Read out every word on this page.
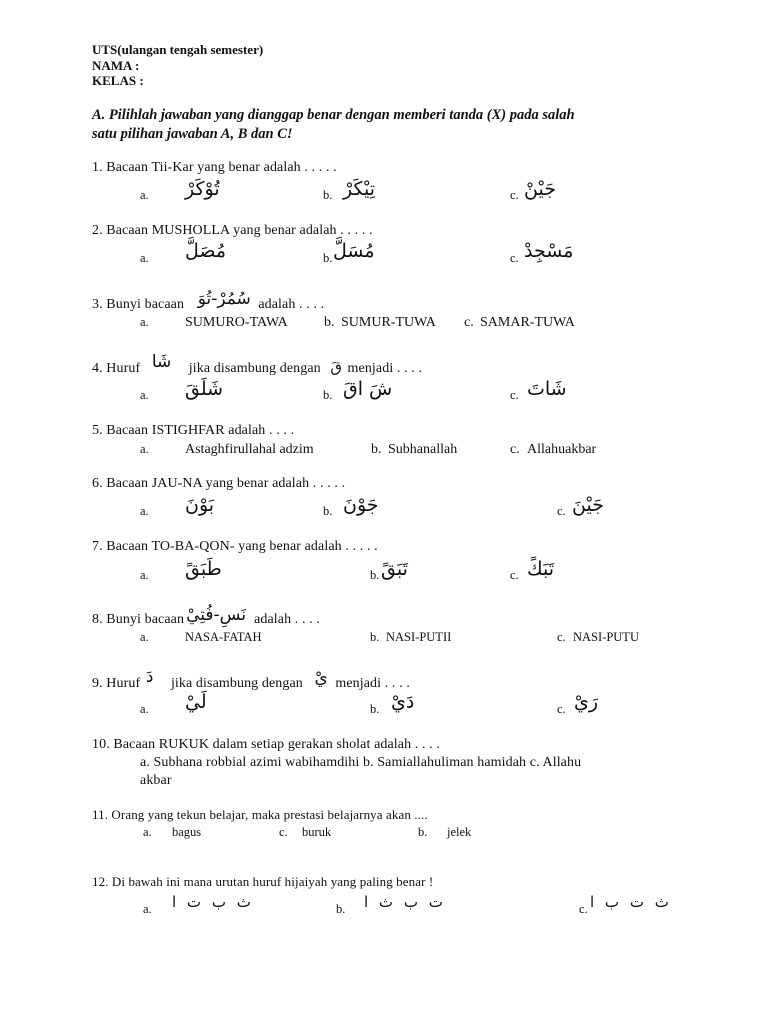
UTS(ulangan tengah semester)
NAMA :
KELAS :
A. Pilihlah jawaban yang dianggap benar dengan memberi tanda (X) pada salah
satu pilihan jawaban A, B dan C!
1. Bacaan Tii-Kar yang benar adalah . . . . .
a. تُوْكَرْ	b. تِيْكَرْ	c. جَيْنْ
2. Bacaan MUSHOLLA yang benar adalah . . . . .
a. مُصَلَّ	b. مُسَلَّ	c. مَسْجِدْ
3. Bunyi bacaan سُمُرْ-تُوَ adalah . . . .
a.	SUMURO-TAWA	b. SUMUR-TUWA c. SAMAR-TUWA
4. Huruf شَا jika disambung dengan قَ menjadi . . . .
a. شَلَقَ	b. شَ اقَ	c. شَاتَ
5. Bacaan ISTIGHFAR adalah . . . .
a.	Astaghfirullahal adzim	b. Subhanallah	c. Allahuakbar
6. Bacaan JAU-NA yang benar adalah . . . . .
a. بَوْنَ	b. جَوْنَ	c. جَيْنَ
7. Bacaan TO-BA-QON- yang benar adalah . . . . .
a. طَبَقً	b. تَبَقً	c. تَبَكً
8. Bunyi bacaan نَسِ-فُتِيْ adalah . . . .
a.	NASA-FATAH	b. NASI-PUTII	c. NASI-PUTU
9. Huruf دَ jika disambung dengan يْ menjadi . . . .
a. لَيْ	b. دَيْ	c. رَيْ
10. Bacaan RUKUK dalam setiap gerakan sholat adalah . . . .
a. Subhana robbial azimi wabihamdihi b. Samiallahuliman hamidah c. Allahu
akbar
11. Orang yang tekun belajar, maka prestasi belajarnya akan ....
a. bagus	c. buruk	b. jelek
12. Di bawah ini mana urutan huruf hijaiyah yang paling benar !
a. ث ب ت ا	b. ت ب ث ا	c. ث ت ب ا
